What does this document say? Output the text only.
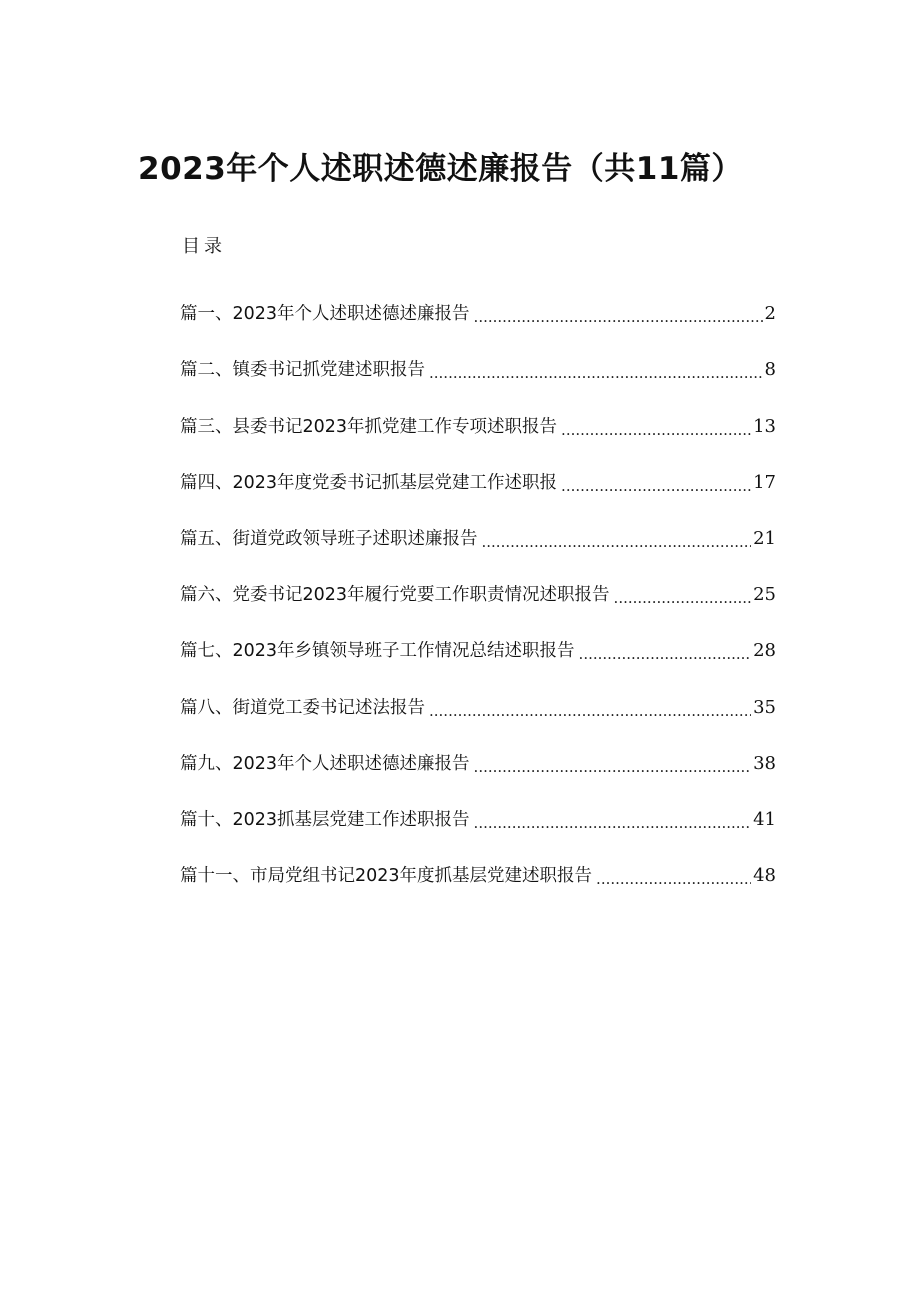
2023年个人述职述德述廉报告（共11篇）
目录
篇一、2023年个人述职述德述廉报告 .....	2
篇二、镇委书记抓党建述职报告 .....	8
篇三、县委书记2023年抓党建工作专项述职报告 .....	13
篇四、2023年度党委书记抓基层党建工作述职报 .....	17
篇五、街道党政领导班子述职述廉报告 .....	21
篇六、党委书记2023年履行党要工作职责情况述职报告 .....	25
篇七、2023年乡镇领导班子工作情况总结述职报告 .....	28
篇八、街道党工委书记述法报告 .....	35
篇九、2023年个人述职述德述廉报告 .....	38
篇十、2023抓基层党建工作述职报告 .....	41
篇十一、市局党组书记2023年度抓基层党建述职报告 .....	48
